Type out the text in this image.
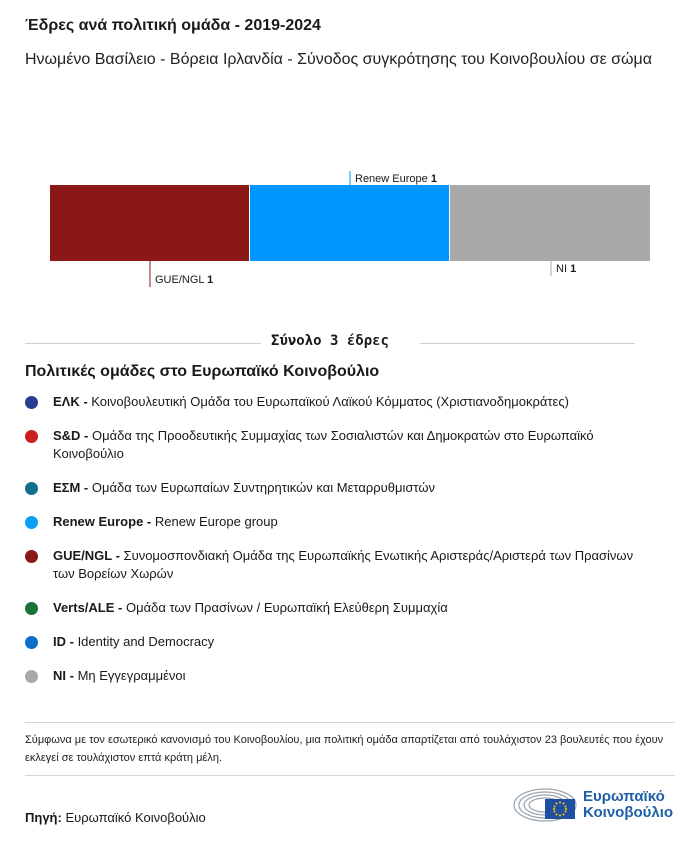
Έδρες ανά πολιτική ομάδα - 2019-2024
Ηνωμένο Βασίλειο - Βόρεια Ιρλανδία - Σύνοδος συγκρότησης του Κοινοβουλίου σε σώμα
GUE/NGL 1
Renew Europe 1
NI 1
Σύνολο 3 έδρες
Πολιτικές ομάδες στο Ευρωπαϊκό Κοινοβούλιο
ΕΛΚ - Κοινοβουλευτική Ομάδα του Ευρωπαϊκού Λαϊκού Κόμματος (Χριστιανοδημοκράτες)
S&D - Ομάδα της Προοδευτικής Συμμαχίας των Σοσιαλιστών και Δημοκρατών στο Ευρωπαϊκό Κοινοβούλιο
ΕΣΜ - Ομάδα των Ευρωπαίων Συντηρητικών και Μεταρρυθμιστών
Renew Europe - Renew Europe group
GUE/NGL - Συνομοσπονδιακή Ομάδα της Ευρωπαϊκής Ενωτικής Αριστεράς/Αριστερά των Πρασίνων των Βορείων Χωρών
Verts/ALE - Ομάδα των Πρασίνων / Ευρωπαϊκή Ελεύθερη Συμμαχία
ID - Identity and Democracy
NI - Μη Εγγεγραμμένοι
Σύμφωνα με τον εσωτερικό κανονισμό του Κοινοβουλίου, μια πολιτική ομάδα απαρτίζεται από τουλάχιστον 23 βουλευτές που έχουν εκλεγεί σε τουλάχιστον επτά κράτη μέλη.
Πηγή: Ευρωπαϊκό Κοινοβούλιο
Ευρωπαϊκό
Κοινοβούλιο
